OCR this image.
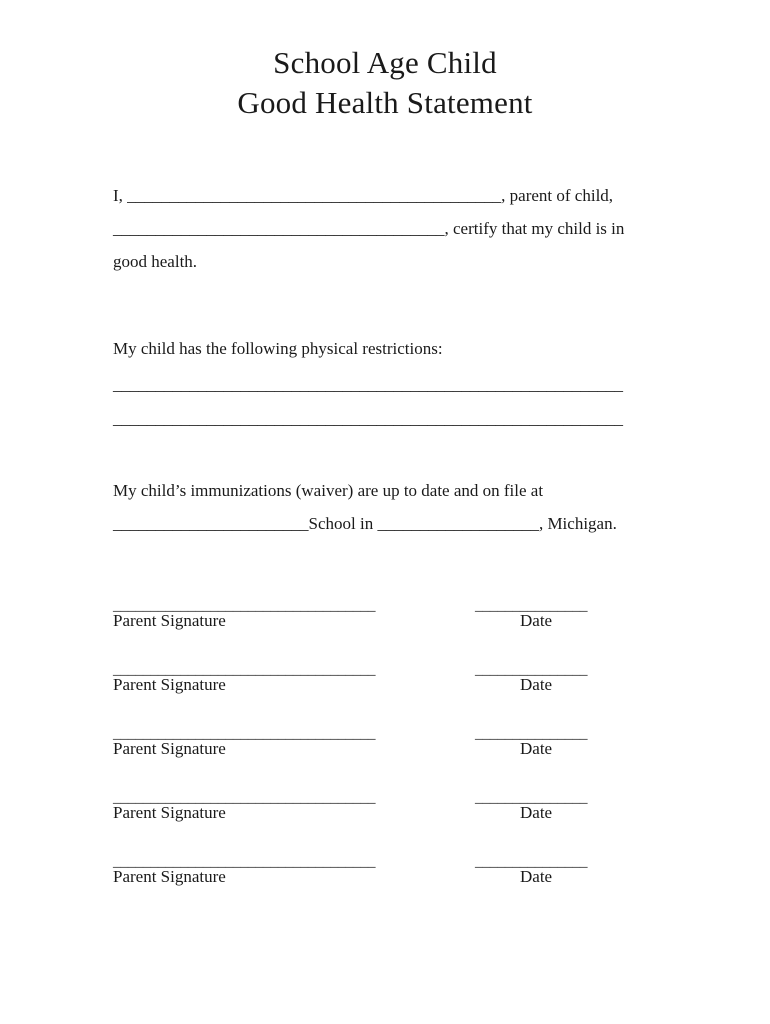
School Age Child
Good Health Statement
I, ____________________________________________, parent of child,
_______________________________________, certify that my child is in
good health.
My child has the following physical restrictions:
____________________________________________________________
____________________________________________________________
My child’s immunizations (waiver) are up to date and on file at
_______________________School in ___________________, Michigan.
___________________________________	_______________
Parent Signature	Date
___________________________________	_______________
Parent Signature	Date
___________________________________	_______________
Parent Signature	Date
___________________________________	_______________
Parent Signature	Date
___________________________________	_______________
Parent Signature	Date
